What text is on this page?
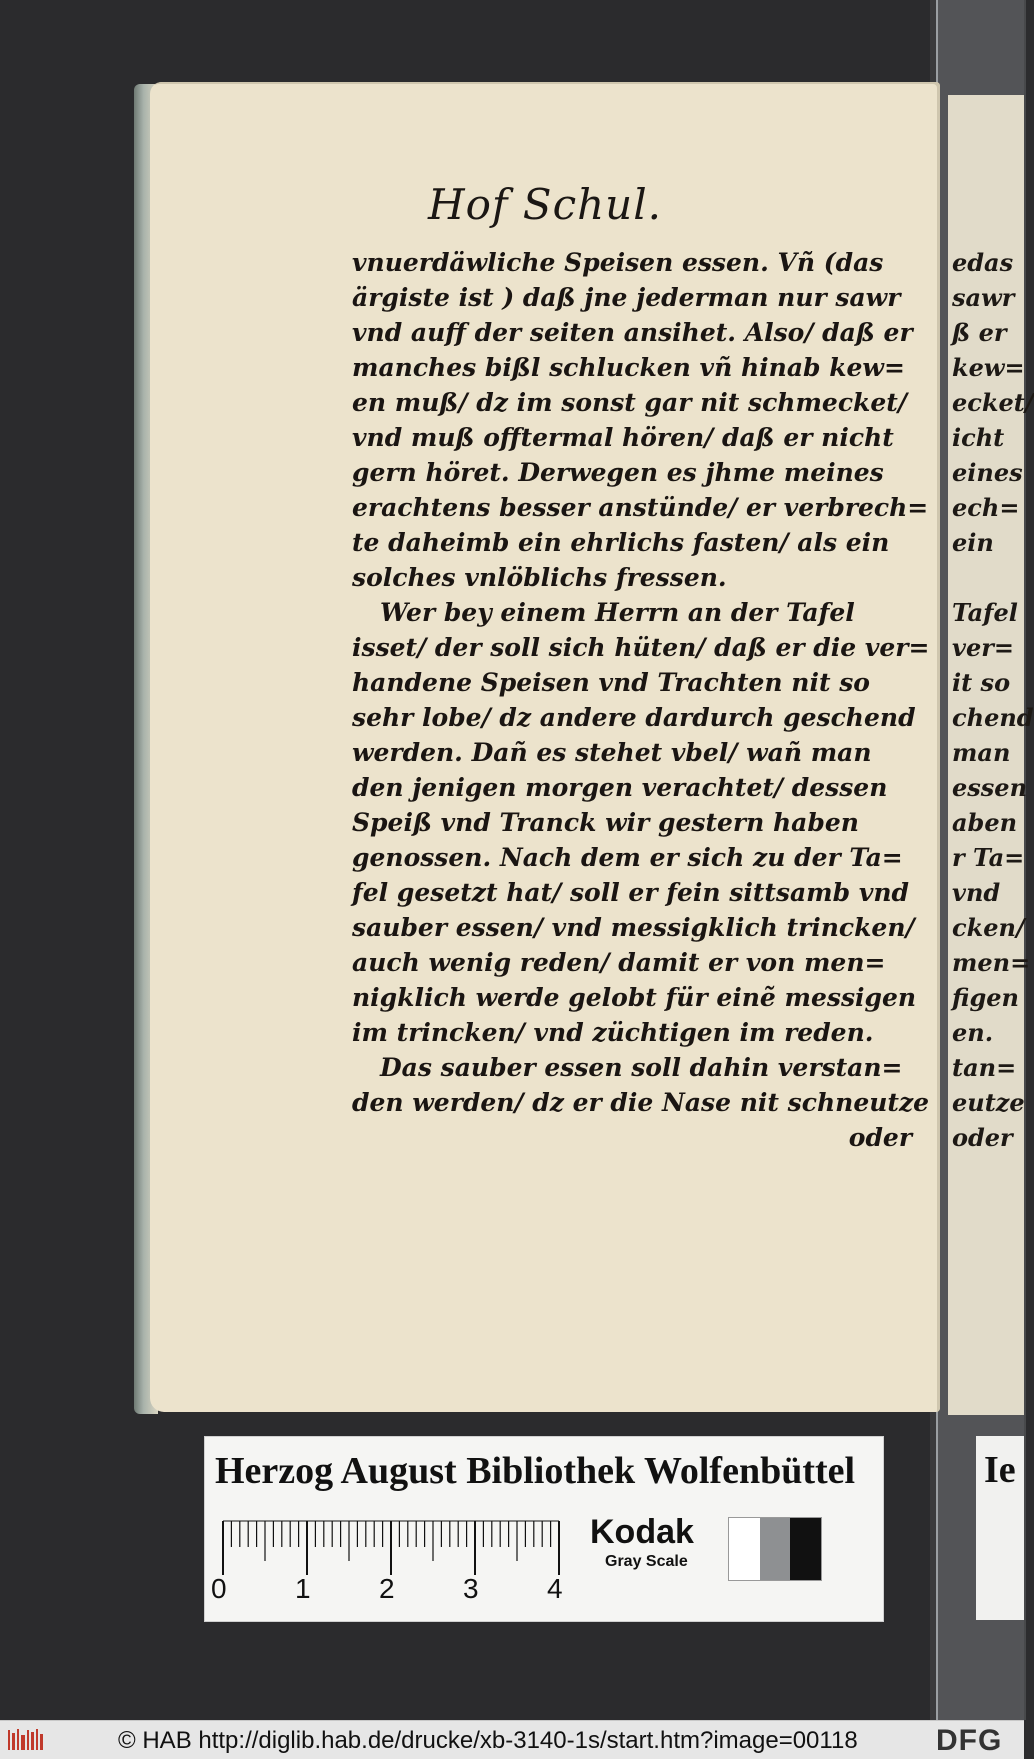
edas
sawr
ß er
kew=
ecket/
icht
eines
ech=
ein
Tafel
ver=
it so
chend
man
essen
aben
r Ta=
vnd
cken/
men=
figen
en.
tan=
eutze
oder
Hof Schul.
vnuerdäwliche Speisen essen. Vñ (das
ärgiste ist ) daß jne jederman nur sawr
vnd auff der seiten ansihet. Also/ daß er
manches bißl schlucken vñ hinab kew=
en muß/ dz im sonst gar nit schmecket/
vnd muß offtermal hören/ daß er nicht
gern höret. Derwegen es jhme meines
erachtens besser anstünde/ er verbrech=
te daheimb ein ehrlichs fasten/ als ein
solches vnlöblichs fressen.
Wer bey einem Herrn an der Tafel
isset/ der soll sich hüten/ daß er die ver=
handene Speisen vnd Trachten nit so
sehr lobe/ dz andere dardurch geschend
werden. Dañ es stehet vbel/ wañ man
den jenigen morgen verachtet/ dessen
Speiß vnd Tranck wir gestern haben
genossen. Nach dem er sich zu der Ta=
fel gesetzt hat/ soll er fein sittsamb vnd
sauber essen/ vnd messigklich trincken/
auch wenig reden/ damit er von men=
nigklich werde gelobt für einẽ messigen
im trincken/ vnd züchtigen im reden.
Das sauber essen soll dahin verstan=
den werden/ dz er die Nase nit schneutze
oder
Herzog August Bibliothek Wolfenbüttel
0 1 2 3 4
Kodak
Gray Scale
Ie
© HAB http://diglib.hab.de/drucke/xb-3140-1s/start.htm?image=00118	DFG
